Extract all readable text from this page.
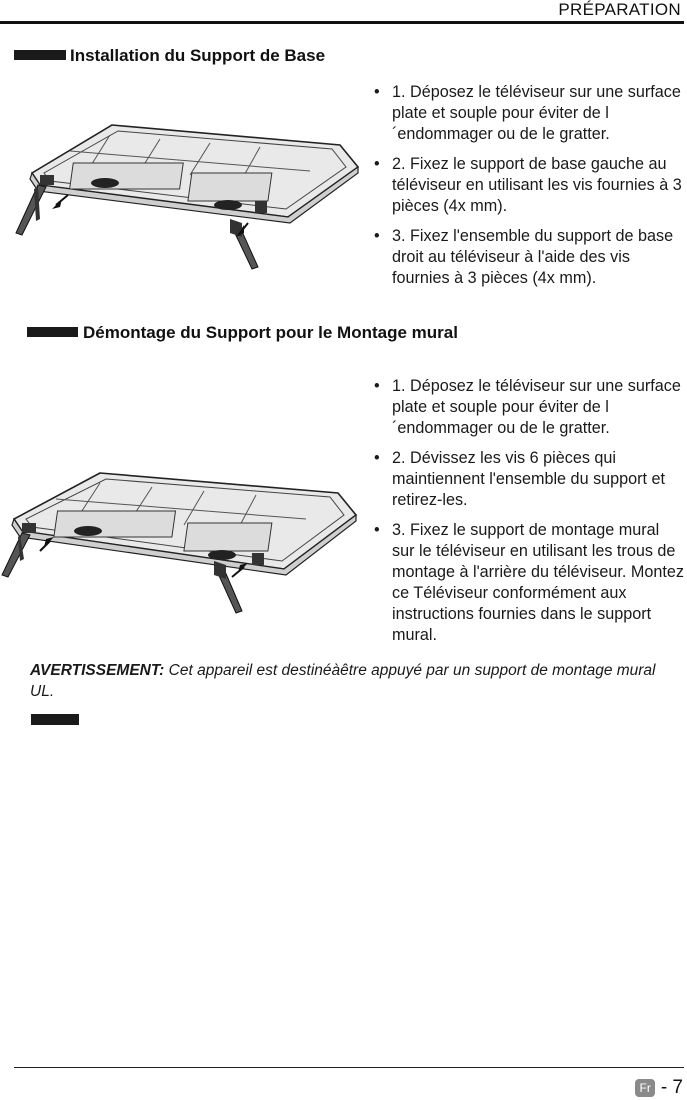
PRÉPARATION
Installation du Support de Base
• 1. Déposez le téléviseur sur une surface plate et souple pour éviter de l´endommager ou de le gratter.
• 2. Fixez le support de base gauche au téléviseur en utilisant les vis fournies à 3 pièces (4x mm).
• 3. Fixez l'ensemble du support de base droit au téléviseur à l'aide des vis fournies à 3 pièces (4x mm).
Démontage du Support pour le Montage mural
• 1. Déposez le téléviseur sur une surface plate et souple pour éviter de l´endommager ou de le gratter.
• 2. Dévissez les vis 6 pièces qui maintiennent l'ensemble du support et retirez-les.
• 3. Fixez le support de montage mural sur le téléviseur en utilisant les trous de montage à l'arrière du téléviseur. Montez ce Téléviseur conformément aux instructions fournies dans le support mural.
AVERTISSEMENT: Cet appareil est destinéàêtre appuyé par un support de montage mural UL.
Fr - 7
